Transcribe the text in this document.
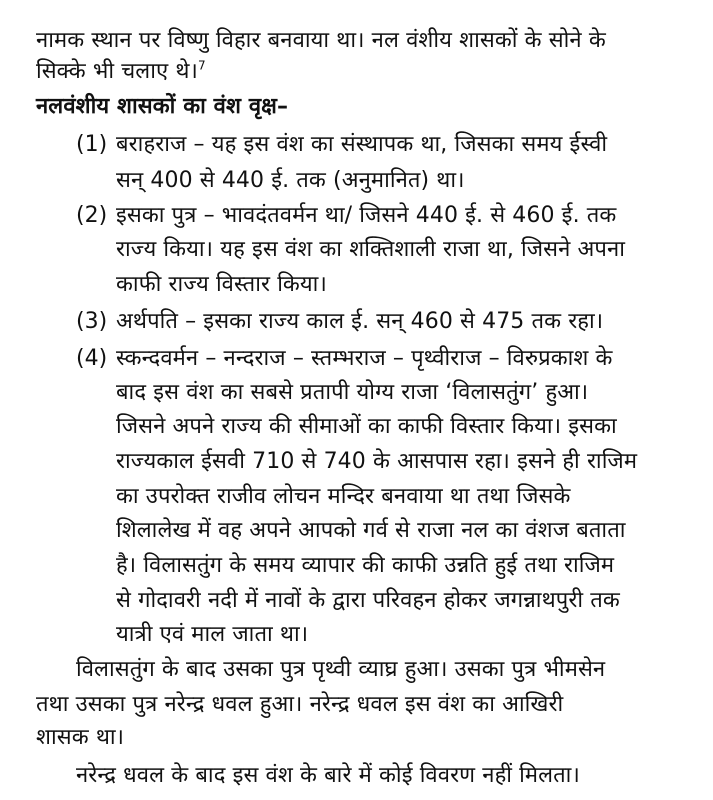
नामक स्थान पर विष्णु विहार बनवाया था। नल वंशीय शासकों के सोने के
सिक्के भी चलाए थे।$^7$
नलवंशीय शासकों का वंश वृक्ष–
(1) बराहराज – यह इस वंश का संस्थापक था, जिसका समय ईस्वी
सन् 400 से 440 ई. तक (अनुमानित) था।
(2) इसका पुत्र – भावदंतवर्मन था/ जिसने 440 ई. से 460 ई. तक
राज्य किया। यह इस वंश का शक्तिशाली राजा था, जिसने अपना
काफी राज्य विस्तार किया।
(3) अर्थपति – इसका राज्य काल ई. सन् 460 से 475 तक रहा।
(4) स्कन्दवर्मन – नन्दराज – स्तम्भराज – पृथ्वीराज – विरुप्रकाश के
बाद इस वंश का सबसे प्रतापी योग्य राजा ‘विलासतुंग’ हुआ।
जिसने अपने राज्य की सीमाओं का काफी विस्तार किया। इसका
राज्यकाल ईसवी 710 से 740 के आसपास रहा। इसने ही राजिम
का उपरोक्त राजीव लोचन मन्दिर बनवाया था तथा जिसके
शिलालेख में वह अपने आपको गर्व से राजा नल का वंशज बताता
है। विलासतुंग के समय व्यापार की काफी उन्नति हुई तथा राजिम
से गोदावरी नदी में नावों के द्वारा परिवहन होकर जगन्नाथपुरी तक
यात्री एवं माल जाता था।
विलासतुंग के बाद उसका पुत्र पृथ्वी व्याघ्र हुआ। उसका पुत्र भीमसेन
तथा उसका पुत्र नरेन्द्र धवल हुआ। नरेन्द्र धवल इस वंश का आखिरी
शासक था।
नरेन्द्र धवल के बाद इस वंश के बारे में कोई विवरण नहीं मिलता।
